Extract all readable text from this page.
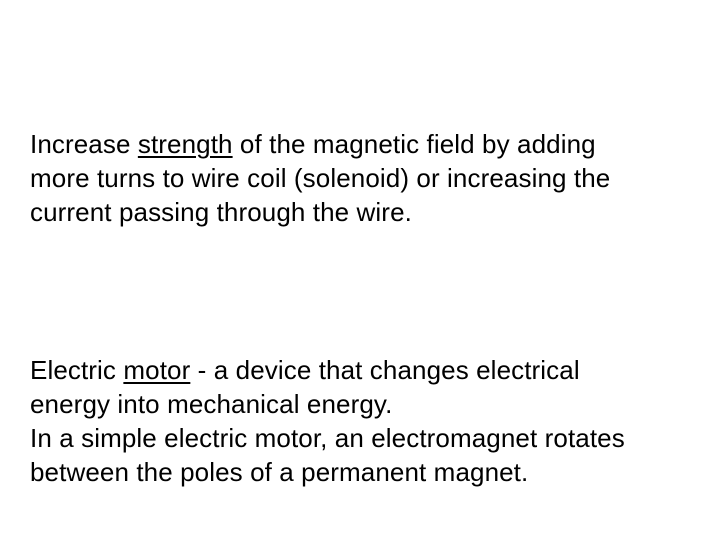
Increase strength of the magnetic field by adding
more turns to wire coil (solenoid) or increasing the
current passing through the wire.

Electric motor - a device that changes electrical
energy into mechanical energy.
In a simple electric motor, an electromagnet rotates
between the poles of a permanent magnet.
